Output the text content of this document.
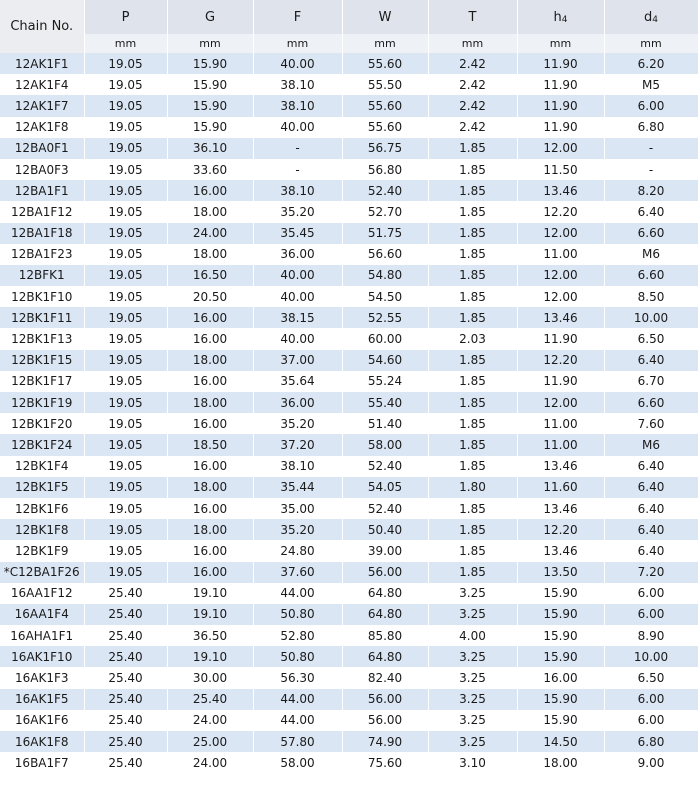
Chain No.	P	G	F	W	T	h4	d4
	mm	mm	mm	mm	mm	mm	mm
12AK1F1	19.05	15.90	40.00	55.60	2.42	11.90	6.20
12AK1F4	19.05	15.90	38.10	55.50	2.42	11.90	M5
12AK1F7	19.05	15.90	38.10	55.60	2.42	11.90	6.00
12AK1F8	19.05	15.90	40.00	55.60	2.42	11.90	6.80
12BA0F1	19.05	36.10	-	56.75	1.85	12.00	-
12BA0F3	19.05	33.60	-	56.80	1.85	11.50	-
12BA1F1	19.05	16.00	38.10	52.40	1.85	13.46	8.20
12BA1F12	19.05	18.00	35.20	52.70	1.85	12.20	6.40
12BA1F18	19.05	24.00	35.45	51.75	1.85	12.00	6.60
12BA1F23	19.05	18.00	36.00	56.60	1.85	11.00	M6
12BFK1	19.05	16.50	40.00	54.80	1.85	12.00	6.60
12BK1F10	19.05	20.50	40.00	54.50	1.85	12.00	8.50
12BK1F11	19.05	16.00	38.15	52.55	1.85	13.46	10.00
12BK1F13	19.05	16.00	40.00	60.00	2.03	11.90	6.50
12BK1F15	19.05	18.00	37.00	54.60	1.85	12.20	6.40
12BK1F17	19.05	16.00	35.64	55.24	1.85	11.90	6.70
12BK1F19	19.05	18.00	36.00	55.40	1.85	12.00	6.60
12BK1F20	19.05	16.00	35.20	51.40	1.85	11.00	7.60
12BK1F24	19.05	18.50	37.20	58.00	1.85	11.00	M6
12BK1F4	19.05	16.00	38.10	52.40	1.85	13.46	6.40
12BK1F5	19.05	18.00	35.44	54.05	1.80	11.60	6.40
12BK1F6	19.05	16.00	35.00	52.40	1.85	13.46	6.40
12BK1F8	19.05	18.00	35.20	50.40	1.85	12.20	6.40
12BK1F9	19.05	16.00	24.80	39.00	1.85	13.46	6.40
*C12BA1F26	19.05	16.00	37.60	56.00	1.85	13.50	7.20
16AA1F12	25.40	19.10	44.00	64.80	3.25	15.90	6.00
16AA1F4	25.40	19.10	50.80	64.80	3.25	15.90	6.00
16AHA1F1	25.40	36.50	52.80	85.80	4.00	15.90	8.90
16AK1F10	25.40	19.10	50.80	64.80	3.25	15.90	10.00
16AK1F3	25.40	30.00	56.30	82.40	3.25	16.00	6.50
16AK1F5	25.40	25.40	44.00	56.00	3.25	15.90	6.00
16AK1F6	25.40	24.00	44.00	56.00	3.25	15.90	6.00
16AK1F8	25.40	25.00	57.80	74.90	3.25	14.50	6.80
16BA1F7	25.40	24.00	58.00	75.60	3.10	18.00	9.00
